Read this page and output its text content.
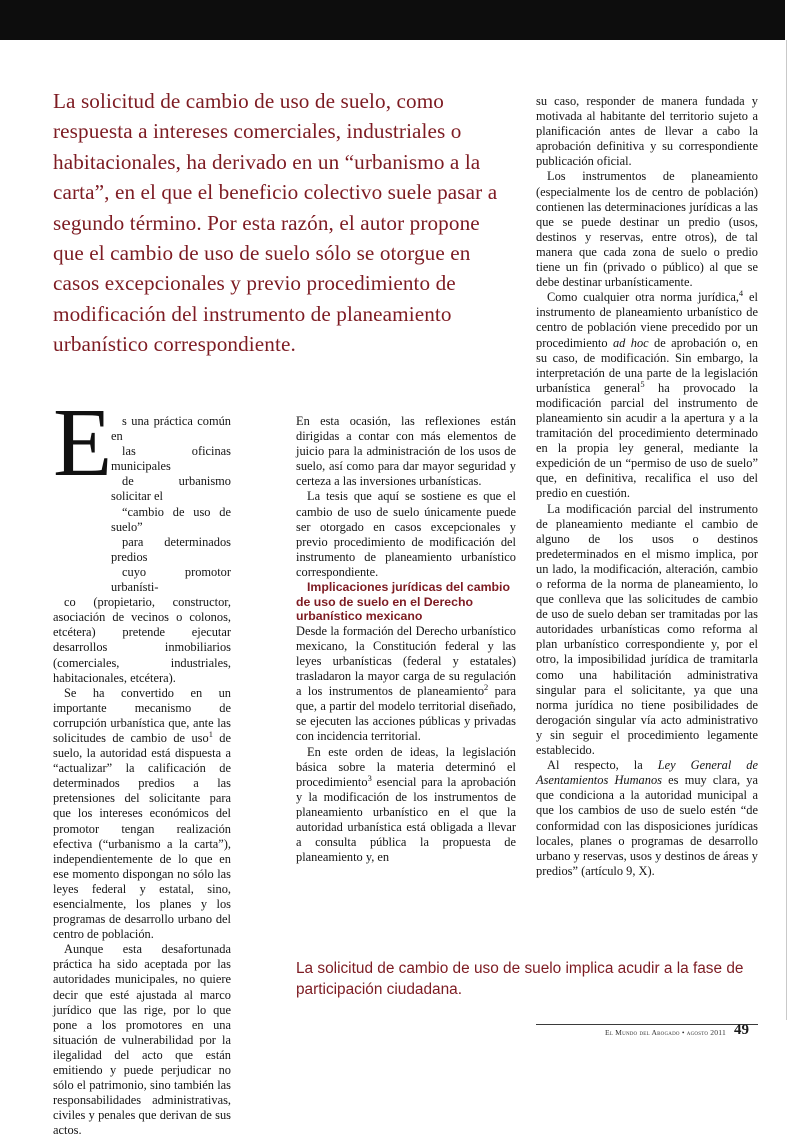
La solicitud de cambio de uso de suelo, como respuesta a intereses comerciales, industriales o habitacionales, ha derivado en un “urbanismo a la carta”, en el que el beneficio colectivo suele pasar a segundo término. Por esta razón, el autor propone que el cambio de uso de suelo sólo se otorgue en casos excepcionales y previo procedimiento de modificación del instrumento de planeamiento urbanístico correspondiente.
E s una práctica común en
las oficinas municipales
de urbanismo solicitar el
“cambio de uso de suelo”
para determinados predios
cuyo promotor urbanísti-
co (propietario, constructor, asociación de vecinos o colonos, etcétera) pretende ejecutar desarrollos inmobiliarios (comerciales, industriales, habitacionales, etcétera).

Se ha convertido en un importante mecanismo de corrupción urbanística que, ante las solicitudes de cambio de uso$^1$ de suelo, la autoridad está dispuesta a “actualizar” la calificación de determinados predios a las pretensiones del solicitante para que los intereses económicos del promotor tengan realización efectiva (“urbanismo a la carta”), independientemente de lo que en ese momento dispongan no sólo las leyes federal y estatal, sino, esencialmente, los planes y los programas de desarrollo urbano del centro de población.

Aunque esta desafortunada práctica ha sido aceptada por las autoridades municipales, no quiere decir que esté ajustada al marco jurídico que las rige, por lo que pone a los promotores en una situación de vulnerabilidad por la ilegalidad del acto que están emitiendo y puede perjudicar no sólo el patrimonio, sino también las responsabilidades administrativas, civiles y penales que derivan de sus actos.

En esta ocasión, las reflexiones están dirigidas a contar con más elementos de juicio para la administración de los usos de suelo, así como para dar mayor seguridad y certeza a las inversiones urbanísticas.

La tesis que aquí se sostiene es que el cambio de uso de suelo únicamente puede ser otorgado en casos excepcionales y previo procedimiento de modificación del instrumento de planeamiento urbanístico correspondiente.

Implicaciones jurídicas del cambio de uso de suelo en el Derecho urbanístico mexicano

Desde la formación del Derecho urbanístico mexicano, la Constitución federal y las leyes urbanísticas (federal y estatales) trasladaron la mayor carga de su regulación a los instrumentos de planeamiento$^2$ para que, a partir del modelo territorial diseñado, se ejecuten las acciones públicas y privadas con incidencia territorial.

En este orden de ideas, la legislación básica sobre la materia determinó el procedimiento$^3$ esencial para la aprobación y la modificación de los instrumentos de planeamiento urbanístico en el que la autoridad urbanística está obligada a llevar a consulta pública la propuesta de planeamiento y, en

su caso, responder de manera fundada y motivada al habitante del territorio sujeto a planificación antes de llevar a cabo la aprobación definitiva y su correspondiente publicación oficial.

Los instrumentos de planeamiento (especialmente los de centro de población) contienen las determinaciones jurídicas a las que se puede destinar un predio (usos, destinos y reservas, entre otros), de tal manera que cada zona de suelo o predio tiene un fin (privado o público) al que se debe destinar urbanísticamente.

Como cualquier otra norma jurídica,$^4$ el instrumento de planeamiento urbanístico de centro de población viene precedido por un procedimiento ad hoc de aprobación o, en su caso, de modificación. Sin embargo, la interpretación de una parte de la legislación urbanística general$^5$ ha provocado la modificación parcial del instrumento de planeamiento sin acudir a la apertura y a la tramitación del procedimiento determinado en la propia ley general, mediante la expedición de un “permiso de uso de suelo” que, en definitiva, recalifica el uso del predio en cuestión.

La modificación parcial del instrumento de planeamiento mediante el cambio de alguno de los usos o destinos predeterminados en el mismo implica, por un lado, la modificación, alteración, cambio o reforma de la norma de planeamiento, lo que conlleva que las solicitudes de cambio de uso de suelo deban ser tramitadas por las autoridades urbanísticas como reforma al plan urbanístico correspondiente y, por el otro, la imposibilidad jurídica de tramitarla como una habilitación administrativa singular para el solicitante, ya que una norma jurídica no tiene posibilidades de derogación singular vía acto administrativo y sin seguir el procedimiento legamente establecido.

Al respecto, la Ley General de Asentamientos Humanos es muy clara, ya que condiciona a la autoridad municipal a que los cambios de uso de suelo estén “de conformidad con las disposiciones jurídicas locales, planes o programas de desarrollo urbano y reservas, usos y destinos de áreas y predios” (artículo 9, X).

La solicitud de cambio de uso de suelo implica acudir a la fase de participación ciudadana.
El Mundo del Abogado • agosto 2011 49
